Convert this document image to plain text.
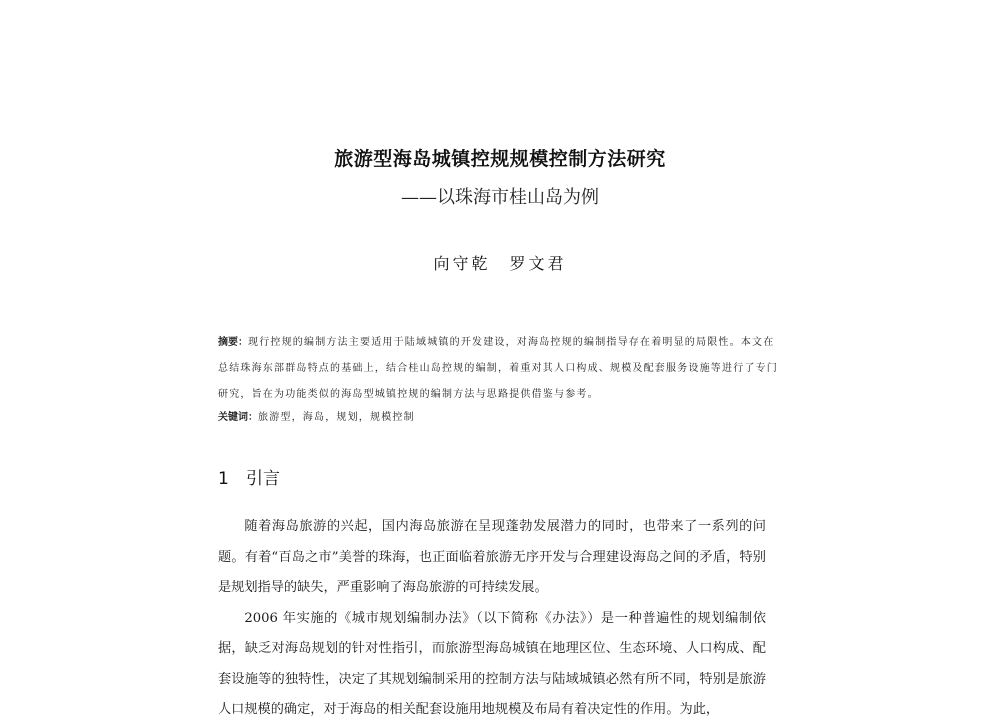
旅游型海岛城镇控规规模控制方法研究
——以珠海市桂山岛为例
向守乾　罗文君
摘要：现行控规的编制方法主要适用于陆域城镇的开发建设，对海岛控规的编制指导存在着明显的局限性。本文在总结珠海东部群岛特点的基础上，结合桂山岛控规的编制，着重对其人口构成、规模及配套服务设施等进行了专门研究，旨在为功能类似的海岛型城镇控规的编制方法与思路提供借鉴与参考。
关键词：旅游型，海岛，规划，规模控制
1 引言

随着海岛旅游的兴起，国内海岛旅游在呈现蓬勃发展潜力的同时，也带来了一系列的问题。有着“百岛之市”美誉的珠海，也正面临着旅游无序开发与合理建设海岛之间的矛盾，特别是规划指导的缺失，严重影响了海岛旅游的可持续发展。

2006 年实施的《城市规划编制办法》（以下简称《办法》）是一种普遍性的规划编制依据，缺乏对海岛规划的针对性指引，而旅游型海岛城镇在地理区位、生态环境、人口构成、配套设施等的独特性，决定了其规划编制采用的控制方法与陆域城镇必然有所不同，特别是旅游人口规模的确定，对于海岛的相关配套设施用地规模及布局有着决定性的作用。为此，
